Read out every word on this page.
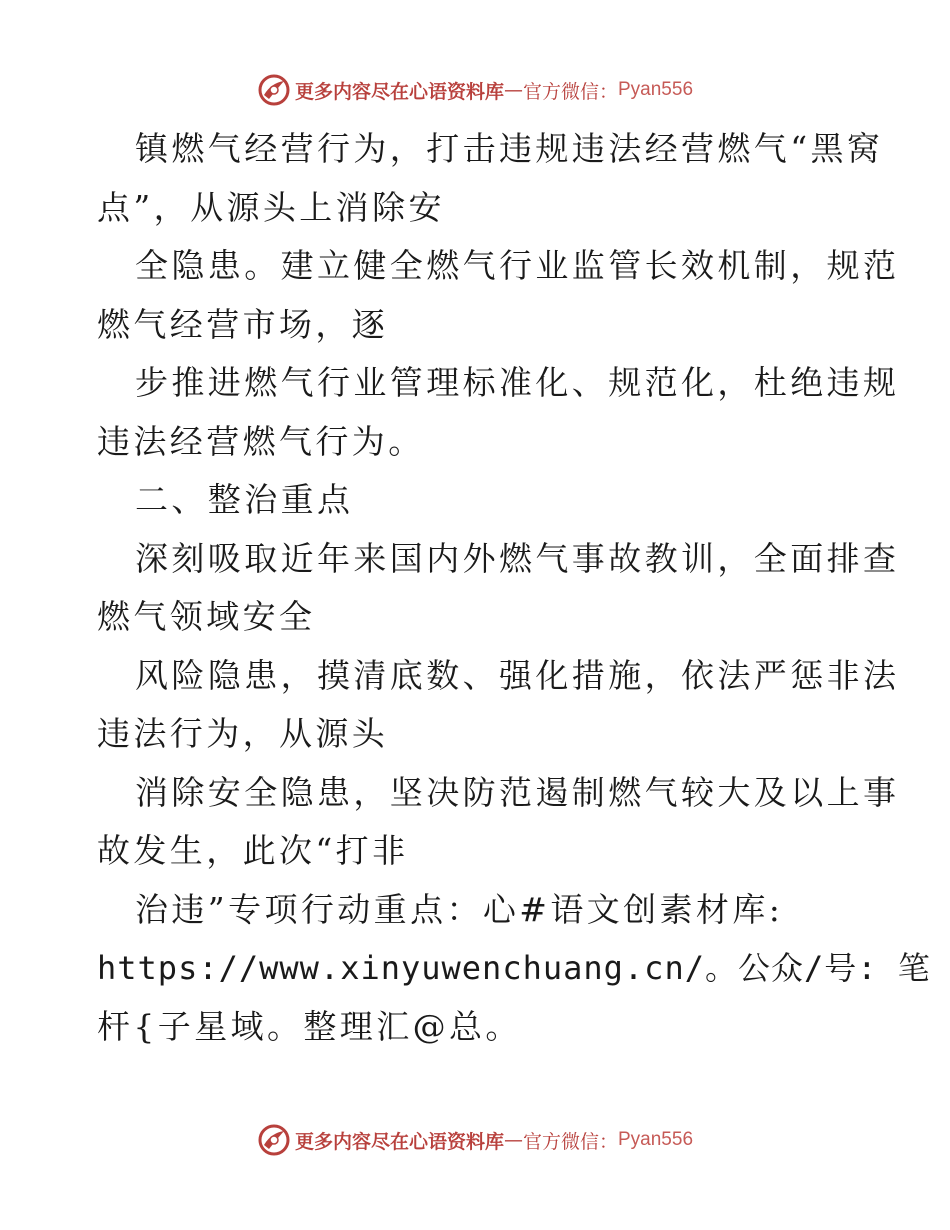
更多内容尽在心语资料库 — 官方微信： Pyan556
镇燃气经营行为，打击违规违法经营燃气“黑窝
点”，从源头上消除安
全隐患。建立健全燃气行业监管长效机制，规范
燃气经营市场，逐
步推进燃气行业管理标准化、规范化，杜绝违规
违法经营燃气行为。
二、整治重点
深刻吸取近年来国内外燃气事故教训，全面排查
燃气领域安全
风险隐患，摸清底数、强化措施，依法严惩非法
违法行为，从源头
消除安全隐患，坚决防范遏制燃气较大及以上事
故发生，此次“打非
治违”专项行动重点：心#语文创素材库:
https://www.xinyuwenchuang.cn/。公众/号: 笔
杆{子星域。整理汇@总。
更多内容尽在心语资料库 — 官方微信： Pyan556
